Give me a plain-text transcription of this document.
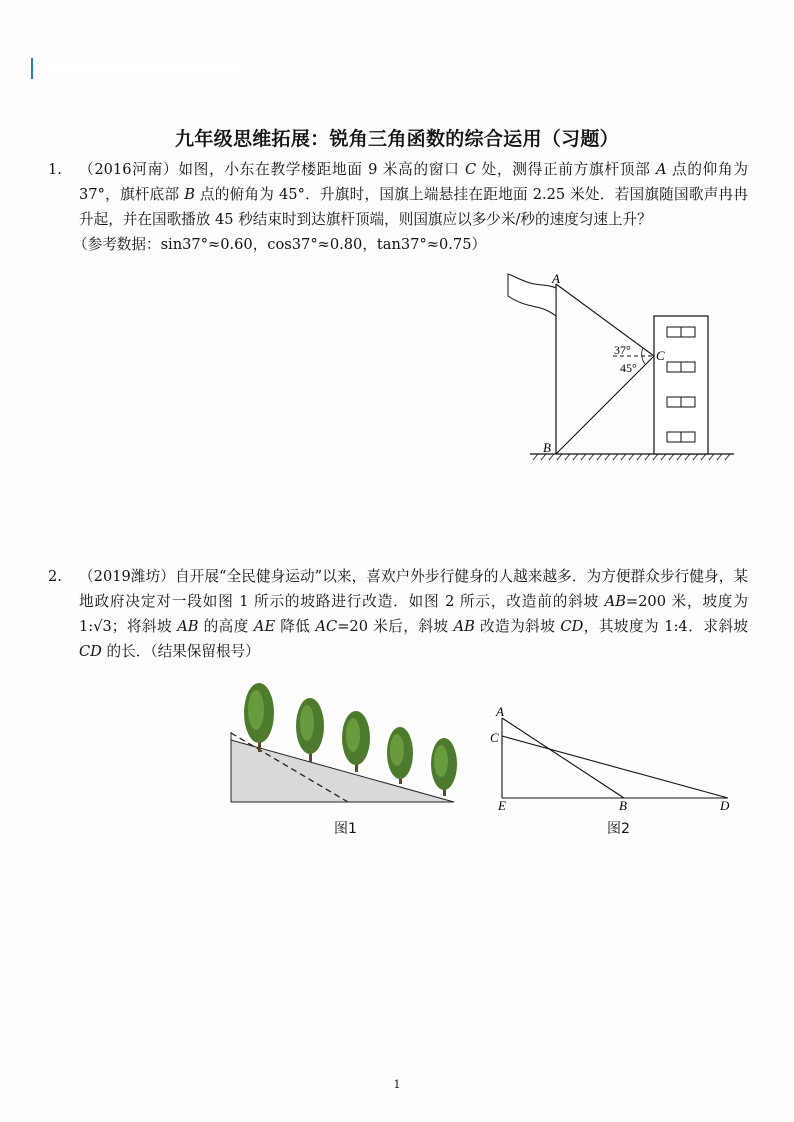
九年级思维拓展：锐角三角函数的综合运用（习题）
1. （2016河南）如图，小东在教学楼距地面 9 米高的窗口 C 处，测得正前方旗杆顶部 A 点的仰角为 37°，旗杆底部 B 点的俯角为 45°．升旗时，国旗上端悬挂在距地面 2.25 米处．若国旗随国歌声冉冉升起，并在国歌播放 45 秒结束时到达旗杆顶端，则国旗应以多少米/秒的速度匀速上升？

（参考数据：sin37°≈0.60，cos37°≈0.80，tan37°≈0.75）

A
B
C
37°
45°
2. （2019潍坊）自开展“全民健身运动”以来，喜欢户外步行健身的人越来越多．为方便群众步行健身，某地政府决定对一段如图 1 所示的坡路进行改造．如图 2 所示，改造前的斜坡 AB=200 米，坡度为 1:√3；将斜坡 AB 的高度 AE 降低 AC=20 米后，斜坡 AB 改造为斜坡 CD，其坡度为 1:4．求斜坡 CD 的长．（结果保留根号）

图1
A
C
E	B	D
图2
1
